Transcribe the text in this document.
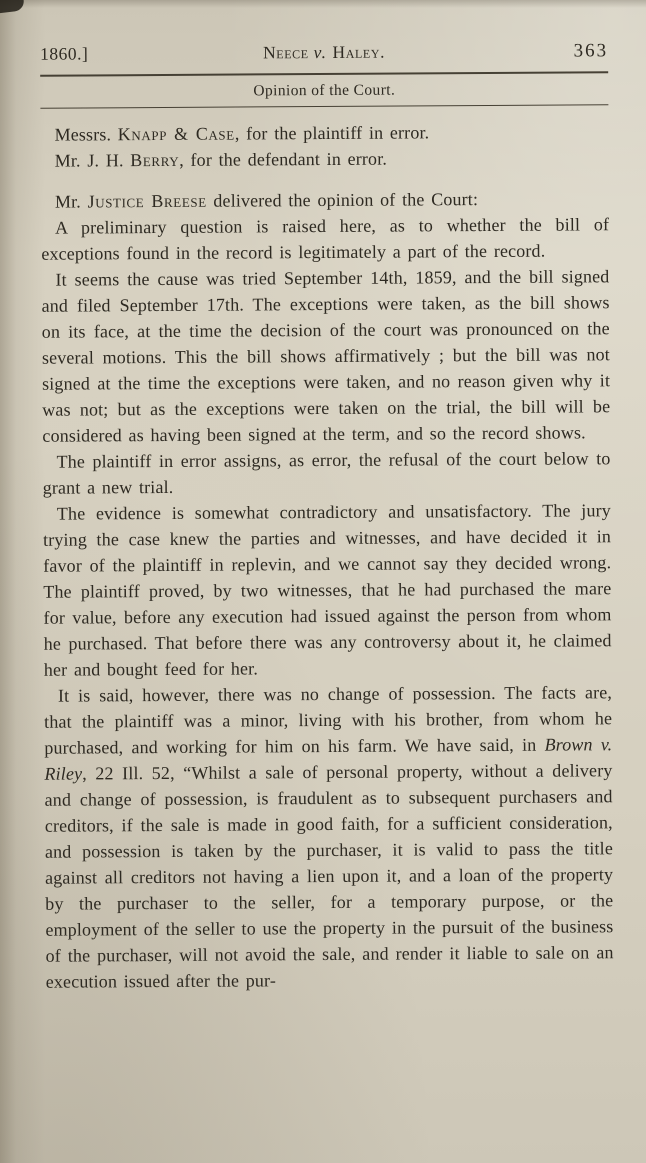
1860.]	Neece v. Haley.	363
Opinion of the Court.

Messrs. Knapp & Case, for the plaintiff in error.

Mr. J. H. Berry, for the defendant in error.

Mr. Justice Breese delivered the opinion of the Court:

A preliminary question is raised here, as to whether the bill of exceptions found in the record is legitimately a part of the record.

It seems the cause was tried September 14th, 1859, and the bill signed and filed September 17th. The exceptions were taken, as the bill shows on its face, at the time the decision of the court was pronounced on the several motions. This the bill shows affirmatively ; but the bill was not signed at the time the exceptions were taken, and no reason given why it was not; but as the exceptions were taken on the trial, the bill will be considered as having been signed at the term, and so the record shows.

The plaintiff in error assigns, as error, the refusal of the court below to grant a new trial.

The evidence is somewhat contradictory and unsatisfactory. The jury trying the case knew the parties and witnesses, and have decided it in favor of the plaintiff in replevin, and we cannot say they decided wrong. The plaintiff proved, by two witnesses, that he had purchased the mare for value, before any execution had issued against the person from whom he purchased. That before there was any controversy about it, he claimed her and bought feed for her.

It is said, however, there was no change of possession. The facts are, that the plaintiff was a minor, living with his brother, from whom he purchased, and working for him on his farm. We have said, in Brown v. Riley, 22 Ill. 52, “Whilst a sale of personal property, without a delivery and change of possession, is fraudulent as to subsequent purchasers and creditors, if the sale is made in good faith, for a sufficient consideration, and possession is taken by the purchaser, it is valid to pass the title against all creditors not having a lien upon it, and a loan of the property by the purchaser to the seller, for a temporary purpose, or the employment of the seller to use the property in the pursuit of the business of the purchaser, will not avoid the sale, and render it liable to sale on an execution issued after the pur-
